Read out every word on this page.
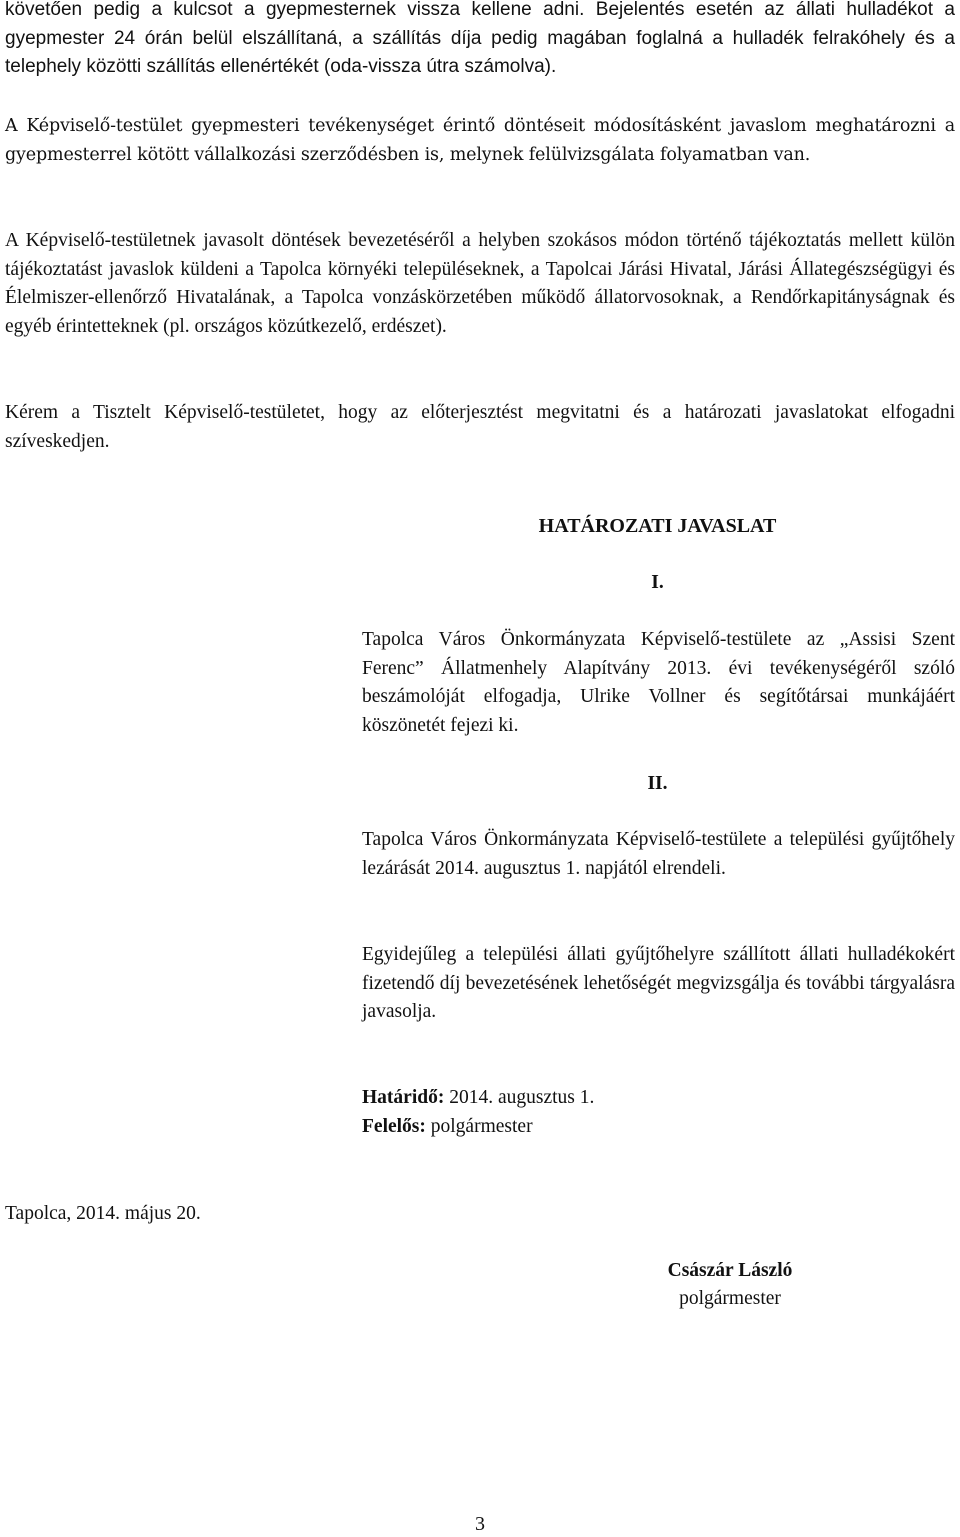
követően pedig a kulcsot a gyepmesternek vissza kellene adni. Bejelentés esetén az állati hulladékot a gyepmester 24 órán belül elszállítaná, a szállítás díja pedig magában foglalná a hulladék felrakóhely és a telephely közötti szállítás ellenértékét (oda-vissza útra számolva).

A Képviselő-testület gyepmesteri tevékenységet érintő döntéseit módosításként javaslom meghatározni a gyepmesterrel kötött vállalkozási szerződésben is, melynek felülvizsgálata folyamatban van.

A Képviselő-testületnek javasolt döntések bevezetéséről a helyben szokásos módon történő tájékoztatás mellett külön tájékoztatást javaslok küldeni a Tapolca környéki településeknek, a Tapolcai Járási Hivatal, Járási Állategészségügyi és Élelmiszer-ellenőrző Hivatalának, a Tapolca vonzáskörzetében működő állatorvosoknak, a Rendőrkapitányságnak és egyéb érintetteknek (pl. országos közútkezelő, erdészet).

Kérem a Tisztelt Képviselő-testületet, hogy az előterjesztést megvitatni és a határozati javaslatokat elfogadni szíveskedjen.

HATÁROZATI JAVASLAT

I.

Tapolca Város Önkormányzata Képviselő-testülete az „Assisi Szent Ferenc” Állatmenhely Alapítvány 2013. évi tevékenységéről szóló beszámolóját elfogadja, Ulrike Vollner és segítőtársai munkájáért köszönetét fejezi ki.

II.

Tapolca Város Önkormányzata Képviselő-testülete a települési gyűjtőhely lezárását 2014. augusztus 1. napjától elrendeli.

Egyidejűleg a települési állati gyűjtőhelyre szállított állati hulladékokért fizetendő díj bevezetésének lehetőségét megvizsgálja és további tárgyalásra javasolja.

Határidő: 2014. augusztus 1.

Felelős: polgármester

Tapolca, 2014. május 20.

Császár László
polgármester

3
